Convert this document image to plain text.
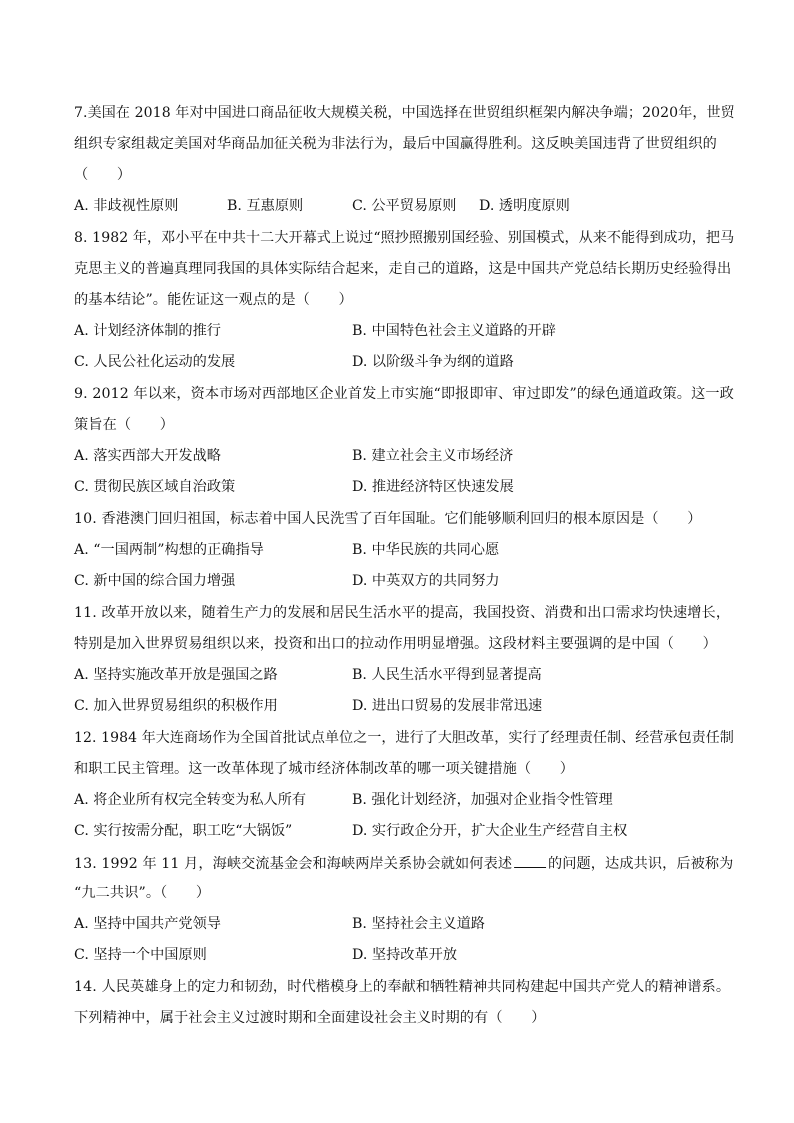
7.美国在 2018 年对中国进口商品征收大规模关税，中国选择在世贸组织框架内解决争端；2020年，世贸
组织专家组裁定美国对华商品加征关税为非法行为，最后中国赢得胜利。这反映美国违背了世贸组织的
（　　）
A. 非歧视性原则	B. 互惠原则	C. 公平贸易原则 D. 透明度原则
8. 1982 年，邓小平在中共十二大开幕式上说过“照抄照搬别国经验、别国模式，从来不能得到成功，把马
克思主义的普遍真理同我国的具体实际结合起来，走自己的道路，这是中国共产党总结长期历史经验得出
的基本结论”。能佐证这一观点的是（　　）
A. 计划经济体制的推行	B. 中国特色社会主义道路的开辟
C. 人民公社化运动的发展	D. 以阶级斗争为纲的道路
9. 2012 年以来，资本市场对西部地区企业首发上市实施“即报即审、审过即发”的绿色通道政策。这一政
策旨在（　　）
A. 落实西部大开发战略	B. 建立社会主义市场经济
C. 贯彻民族区域自治政策	D. 推进经济特区快速发展
10. 香港澳门回归祖国，标志着中国人民洗雪了百年国耻。它们能够顺利回归的根本原因是（　　）
A. “一国两制”构想的正确指导	B. 中华民族的共同心愿
C. 新中国的综合国力增强	D. 中英双方的共同努力
11. 改革开放以来，随着生产力的发展和居民生活水平的提高，我国投资、消费和出口需求均快速增长，
特别是加入世界贸易组织以来，投资和出口的拉动作用明显增强。这段材料主要强调的是中国（　　）
A. 坚持实施改革开放是强国之路	B. 人民生活水平得到显著提高
C. 加入世界贸易组织的积极作用	D. 进出口贸易的发展非常迅速
12. 1984 年大连商场作为全国首批试点单位之一，进行了大胆改革，实行了经理责任制、经营承包责任制
和职工民主管理。这一改革体现了城市经济体制改革的哪一项关键措施（　　）
A. 将企业所有权完全转变为私人所有	B. 强化计划经济，加强对企业指令性管理
C. 实行按需分配，职工吃“大锅饭”	D. 实行政企分开，扩大企业生产经营自主权
13. 1992 年 11 月，海峡交流基金会和海峡两岸关系协会就如何表述	的问题，达成共识，后被称为
“九二共识”。（　　）
A. 坚持中国共产党领导	B. 坚持社会主义道路
C. 坚持一个中国原则	D. 坚持改革开放
14. 人民英雄身上的定力和韧劲，时代楷模身上的奉献和牺牲精神共同构建起中国共产党人的精神谱系。
下列精神中，属于社会主义过渡时期和全面建设社会主义时期的有（　　）
